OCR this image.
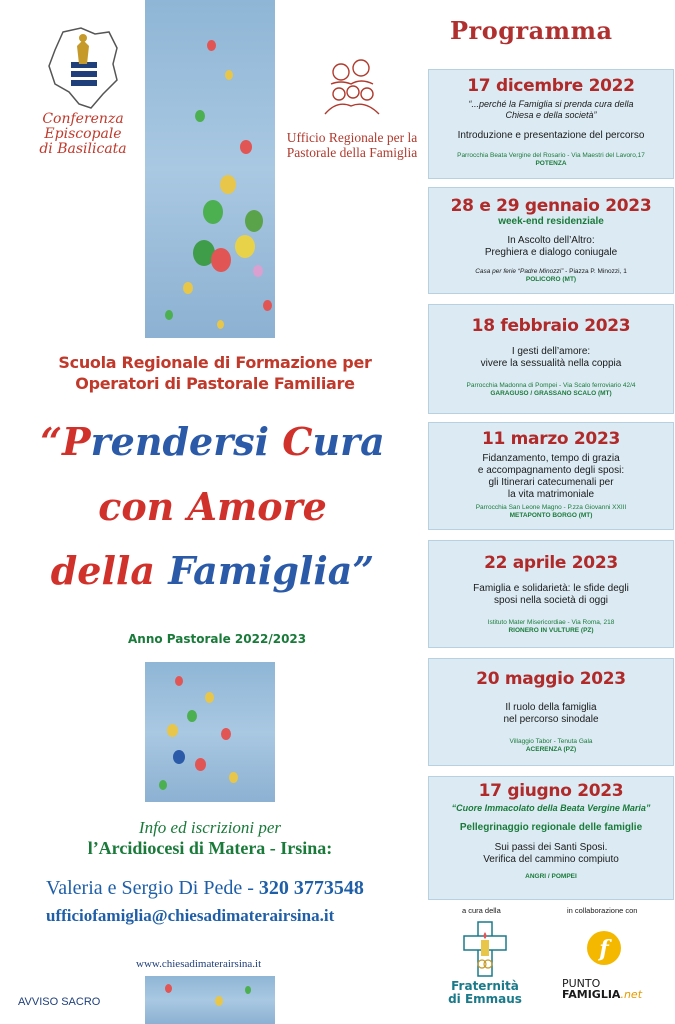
Conferenza
Episcopale
di Basilicata
Ufficio Regionale per la
Pastorale della Famiglia
Scuola Regionale di Formazione per
Operatori di Pastorale Familiare
“Prendersi Cura
con Amore
della Famiglia”
Anno Pastorale 2022/2023
Info ed iscrizioni per
l’Arcidiocesi di Matera - Irsina:
Valeria e Sergio Di Pede - 320 3773548
ufficiofamiglia@chiesadimaterairsina.it
www.chiesadimaterairsina.it
AVVISO SACRO
Programma
17 dicembre 2022
“...perché la Famiglia si prenda cura della
Chiesa e della società”
Introduzione e presentazione del percorso
Parrocchia Beata Vergine del Rosario - Via Maestri del Lavoro,17
POTENZA
28 e 29 gennaio 2023
week-end residenziale
In Ascolto dell’Altro:
Preghiera e dialogo coniugale
Casa per ferie “Padre Minozzi” - Piazza P. Minozzi, 1
POLICORO (MT)
18 febbraio 2023
I gesti dell’amore:
vivere la sessualità nella coppia
Parrocchia Madonna di Pompei - Via Scalo ferroviario 42/4
GARAGUSO / GRASSANO SCALO (MT)
11 marzo 2023
Fidanzamento, tempo di grazia
e accompagnamento degli sposi:
gli Itinerari catecumenali per
la vita matrimoniale
Parrocchia San Leone Magno - P.zza Giovanni XXIII
METAPONTO BORGO (MT)
22 aprile 2023
Famiglia e solidarietà: le sfide degli
sposi nella società di oggi
Istituto Mater Misericordiae - Via Roma, 218
RIONERO IN VULTURE (PZ)
20 maggio 2023
Il ruolo della famiglia
nel percorso sinodale
Villaggio Tabor - Tenuta Gala
ACERENZA (PZ)
17 giugno 2023
“Cuore Immacolato della Beata Vergine Maria”
Pellegrinaggio regionale delle famiglie
Sui passi dei Santi Sposi.
Verifica del cammino compiuto
ANGRI / POMPEI
a cura della	in collaborazione con
Fraternità
di Emmaus
f
PUNTO
FAMIGLIA.net
